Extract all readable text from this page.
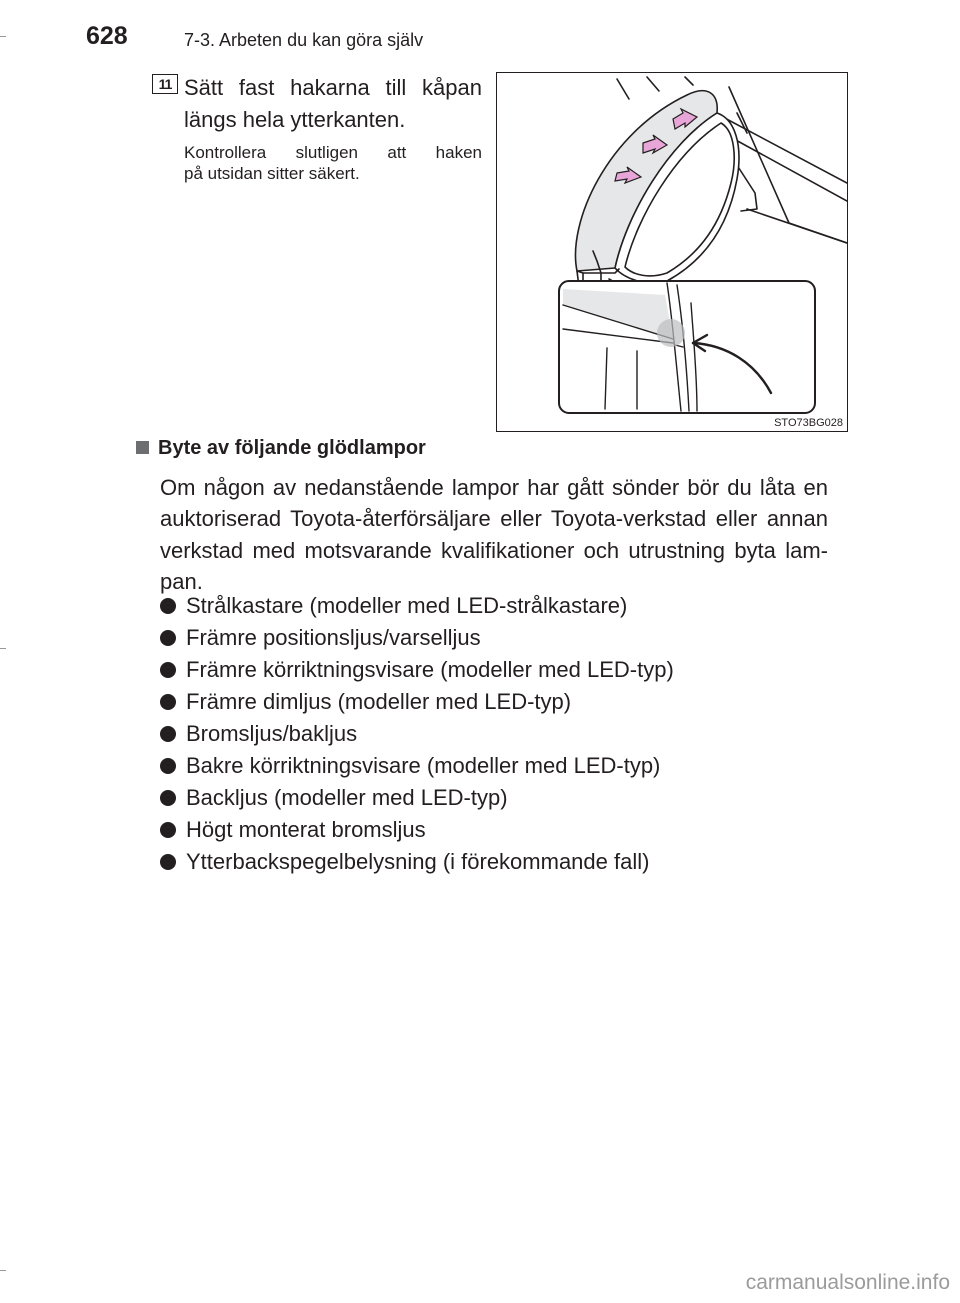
628	7-3. Arbeten du kan göra själv
11 Sätt fast hakarna till kåpan
längs hela ytterkanten.
Kontrollera slutligen att haken
på utsidan sitter säkert.
STO73BG028
Byte av följande glödlampor
Om någon av nedanstående lampor har gått sönder bör du låta en auktoriserad Toyota-återförsäljare eller Toyota-verkstad eller annan verkstad med motsvarande kvalifikationer och utrustning byta lam-pan.
Strålkastare (modeller med LED-strålkastare)
Främre positionsljus/varselljus
Främre körriktningsvisare (modeller med LED-typ)
Främre dimljus (modeller med LED-typ)
Bromsljus/bakljus
Bakre körriktningsvisare (modeller med LED-typ)
Backljus (modeller med LED-typ)
Högt monterat bromsljus
Ytterbackspegelbelysning (i förekommande fall)
carmanualsonline.info
